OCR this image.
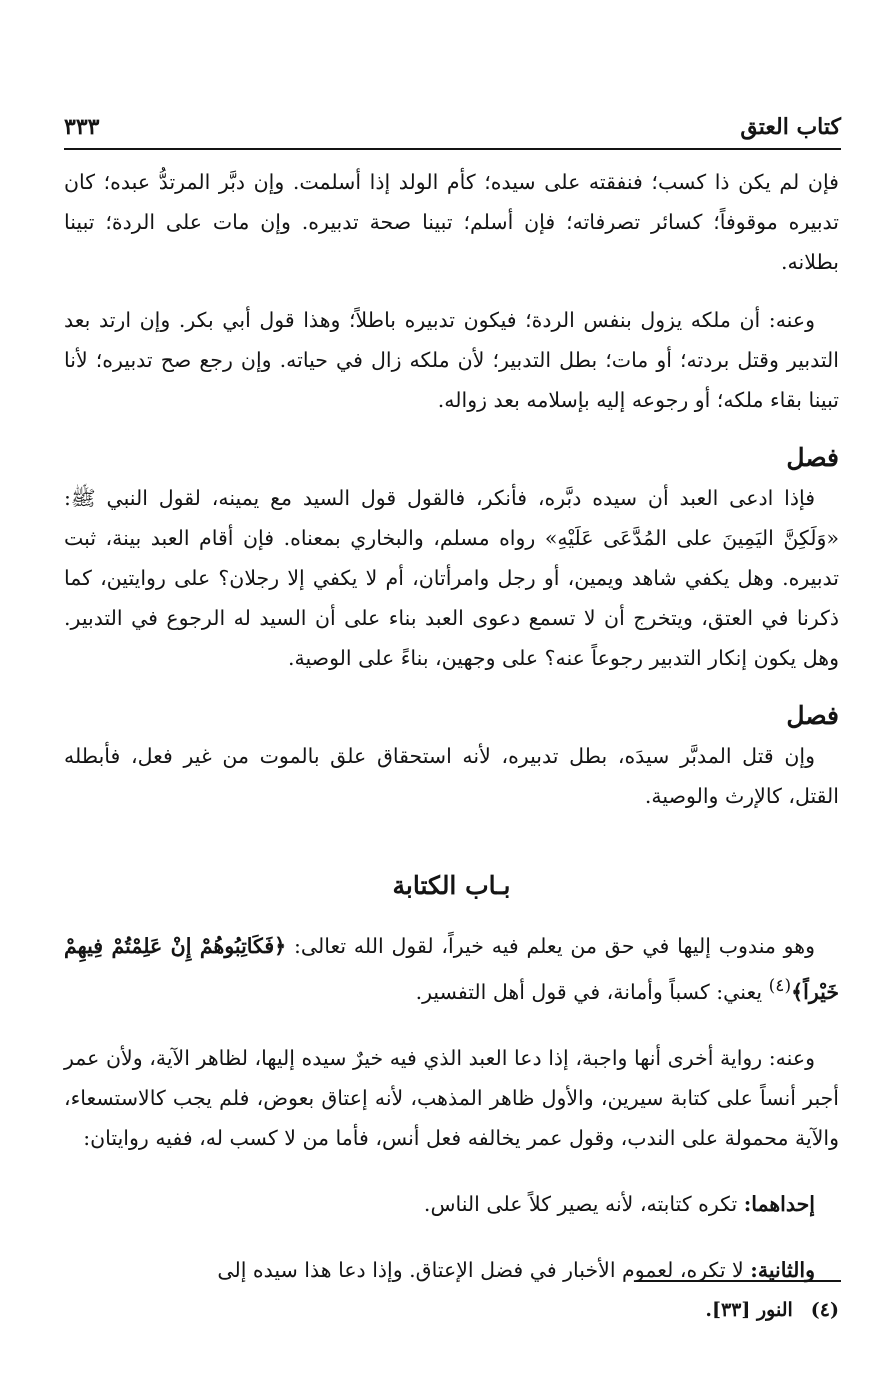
كتاب العتق
٣٣٣

فإن لم يكن ذا كسب؛ فنفقته على سيده؛ كأم الولد إذا أسلمت. وإن دبَّر المرتدُّ عبده؛ كان تدبيره موقوفاً؛ كسائر تصرفاته؛ فإن أسلم؛ تبينا صحة تدبيره. وإن مات على الردة؛ تبينا بطلانه.

وعنه: أن ملكه يزول بنفس الردة؛ فيكون تدبيره باطلاً؛ وهذا قول أبي بكر. وإن ارتد بعد التدبير وقتل بردته؛ أو مات؛ بطل التدبير؛ لأن ملكه زال في حياته. وإن رجع صح تدبيره؛ لأنا تبينا بقاء ملكه؛ أو رجوعه إليه بإسلامه بعد زواله.

فصل

فإذا ادعى العبد أن سيده دبَّره، فأنكر، فالقول قول السيد مع يمينه، لقول النبي ﷺ: «وَلَكِنَّ اليَمِينَ على المُدَّعَى عَلَيْهِ» رواه مسلم، والبخاري بمعناه. فإن أقام العبد بينة، ثبت تدبيره. وهل يكفي شاهد ويمين، أو رجل وامرأتان، أم لا يكفي إلا رجلان؟ على روايتين، كما ذكرنا في العتق، ويتخرج أن لا تسمع دعوى العبد بناء على أن السيد له الرجوع في التدبير. وهل يكون إنكار التدبير رجوعاً عنه؟ على وجهين، بناءً على الوصية.

فصل

وإن قتل المدبَّر سيدَه، بطل تدبيره، لأنه استحقاق علق بالموت من غير فعل، فأبطله القتل، كالإرث والوصية.

بـاب الكتابة

وهو مندوب إليها في حق من يعلم فيه خيراً، لقول الله تعالى: ﴿فَكَاتِبُوهُمْ إِنْ عَلِمْتُمْ فِيهِمْ خَيْراً﴾$^{(٤)}$ يعني: كسباً وأمانة، في قول أهل التفسير.

وعنه: رواية أخرى أنها واجبة، إذا دعا العبد الذي فيه خيرٌ سيده إليها، لظاهر الآية، ولأن عمر أجبر أنساً على كتابة سيرين، والأول ظاهر المذهب، لأنه إعتاق بعوض، فلم يجب كالاستسعاء، والآية محمولة على الندب، وقول عمر يخالفه فعل أنس، فأما من لا كسب له، ففيه روايتان:

إحداهما: تكره كتابته، لأنه يصير كلاً على الناس.

والثانية: لا تكره، لعموم الأخبار في فضل الإعتاق. وإذا دعا هذا سيده إلى

(٤)النور [٣٣].
